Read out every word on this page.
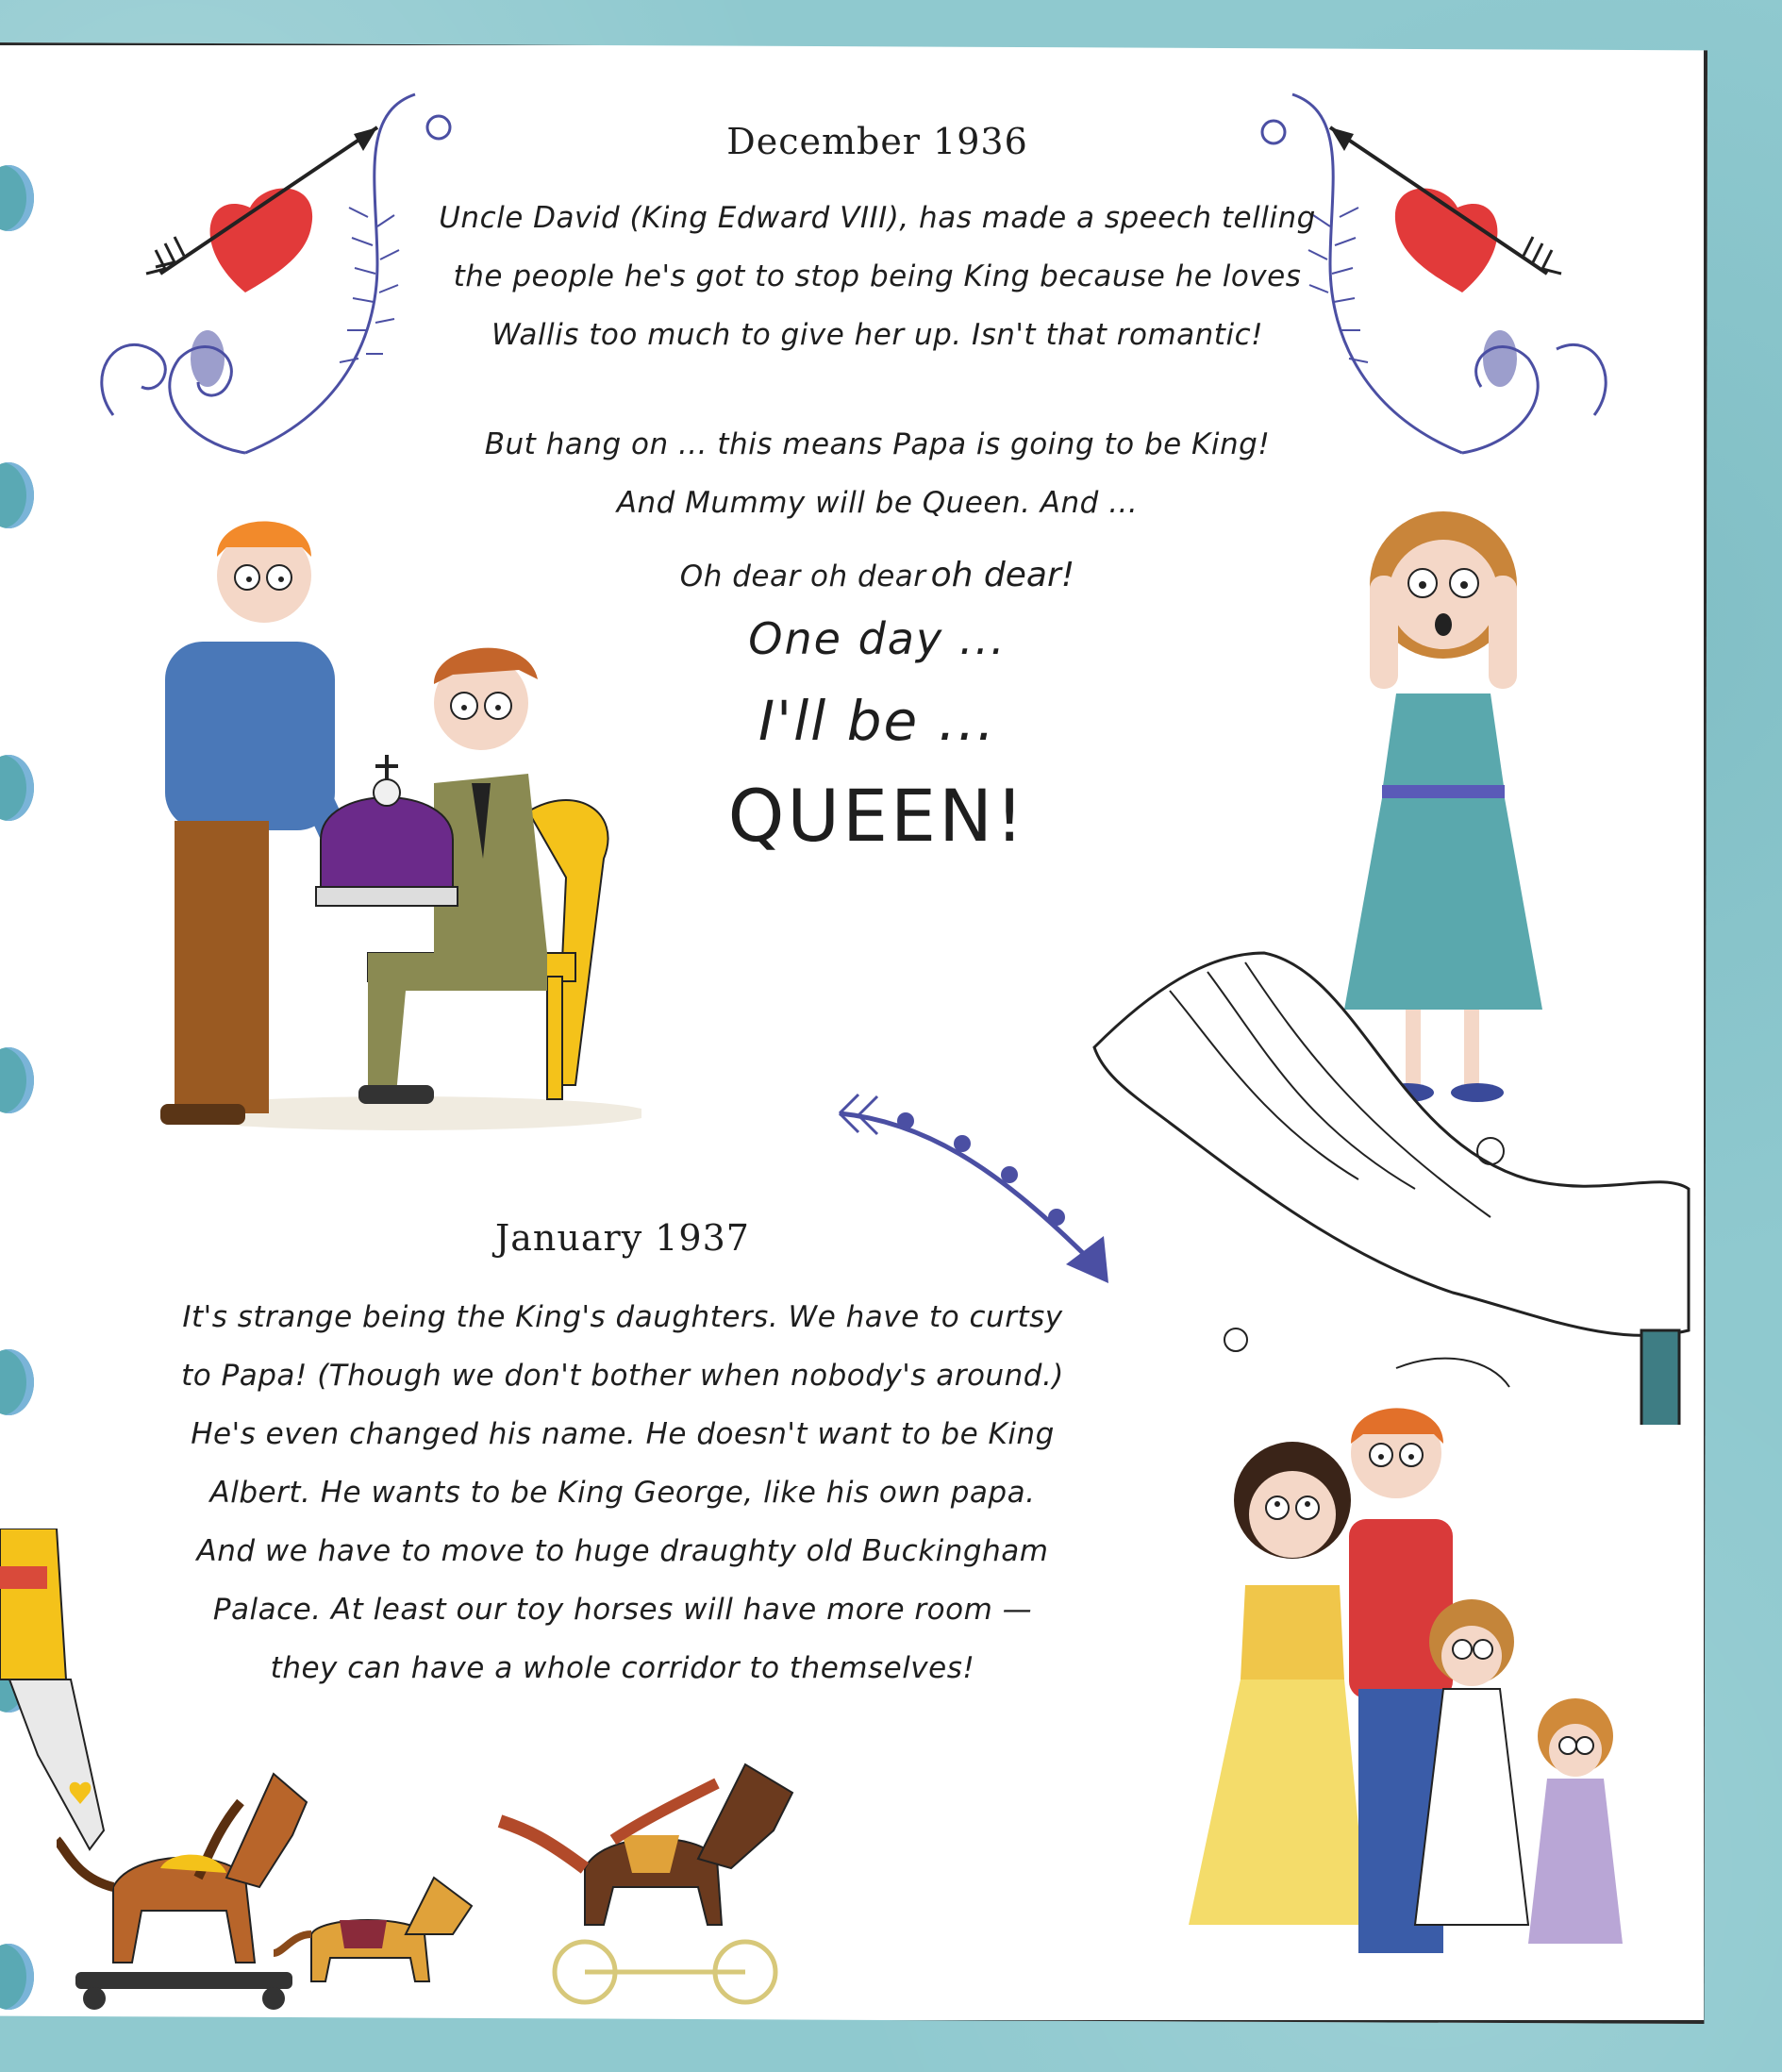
December 1936
Uncle David (King Edward VIII), has made a speech telling
the people he's got to stop being King because he loves
Wallis too much to give her up. Isn't that romantic!
But hang on ... this means Papa is going to be King!
And Mummy will be Queen. And ...
Oh dear oh dear oh dear!
One day ...
I'll be ...
QUEEN!
January 1937
It's strange being the King's daughters. We have to curtsy
to Papa! (Though we don't bother when nobody's around.)
He's even changed his name. He doesn't want to be King
Albert. He wants to be King George, like his own papa.
And we have to move to huge draughty old Buckingham
Palace. At least our toy horses will have more room —
they can have a whole corridor to themselves!
